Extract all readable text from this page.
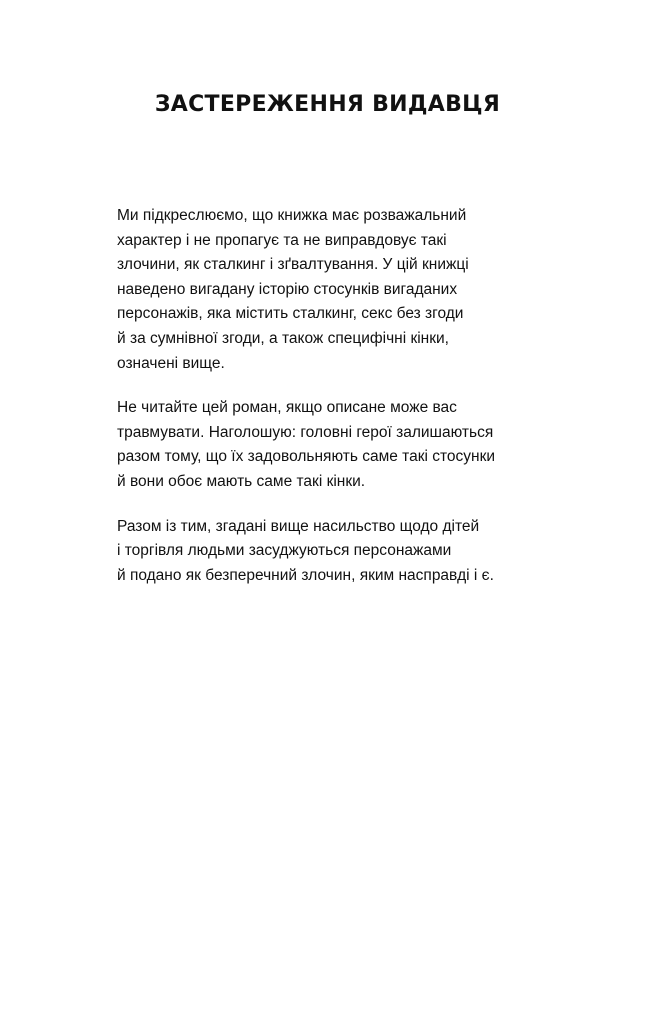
ЗАСТЕРЕЖЕННЯ ВИДАВЦЯ

Ми підкреслюємо, що книжка має розважальний
характер і не пропагує та не виправдовує такі
злочини, як сталкинг і зґвалтування. У цій книжці
наведено вигадану історію стосунків вигаданих
персонажів, яка містить сталкинг, секс без згоди
й за сумнівної згоди, а також специфічні кінки,
означені вище.

Не читайте цей роман, якщо описане може вас
травмувати. Наголошую: головні герої залишаються
разом тому, що їх задовольняють саме такі стосунки
й вони обоє мають саме такі кінки.

Разом із тим, згадані вище насильство щодо дітей
і торгівля людьми засуджуються персонажами
й подано як безперечний злочин, яким насправді і є.
